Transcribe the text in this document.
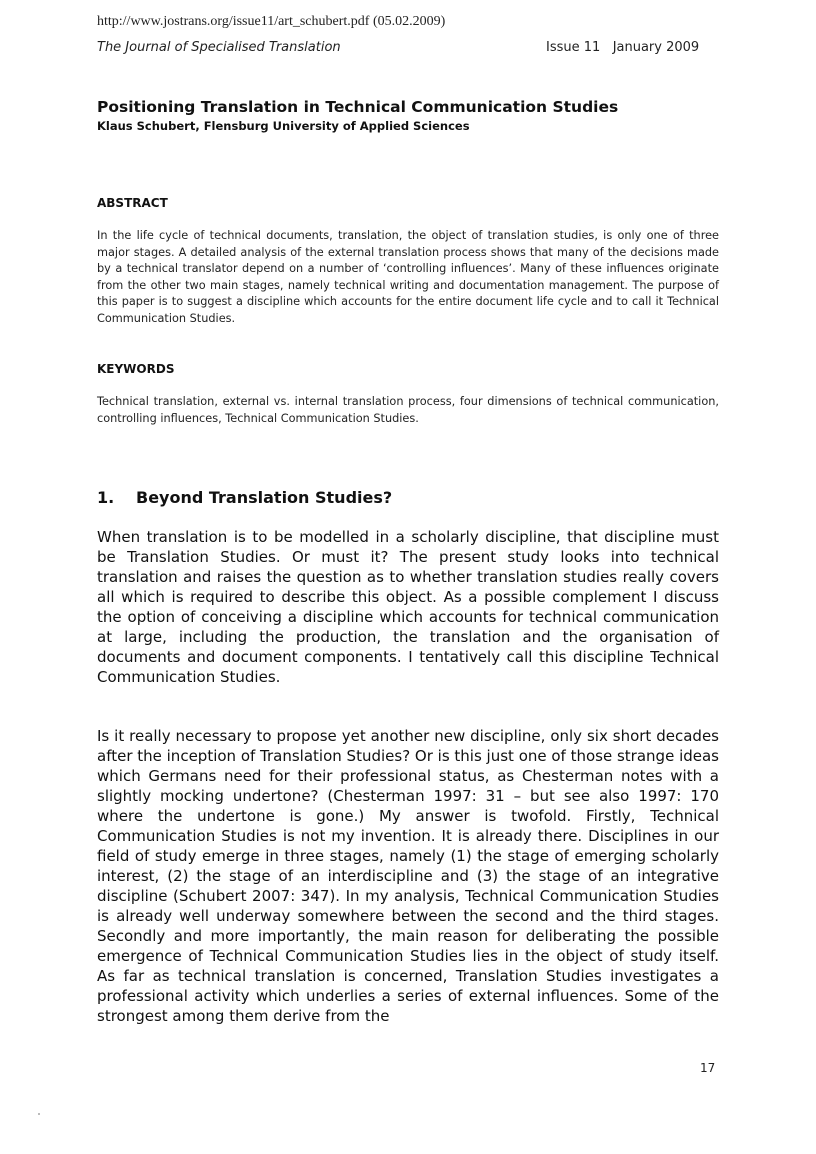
http://www.jostrans.org/issue11/art_schubert.pdf (05.02.2009)
The Journal of Specialised Translation	Issue 11   January 2009
Positioning Translation in Technical Communication Studies
Klaus Schubert, Flensburg University of Applied Sciences
ABSTRACT
In the life cycle of technical documents, translation, the object of translation studies, is only one of three major stages. A detailed analysis of the external translation process shows that many of the decisions made by a technical translator depend on a number of ‘controlling influences’. Many of these influences originate from the other two main stages, namely technical writing and documentation management. The purpose of this paper is to suggest a discipline which accounts for the entire document life cycle and to call it Technical Communication Studies.
KEYWORDS
Technical translation, external vs. internal translation process, four dimensions of technical communication, controlling influences, Technical Communication Studies.
1. Beyond Translation Studies?
When translation is to be modelled in a scholarly discipline, that discipline must be Translation Studies. Or must it? The present study looks into technical translation and raises the question as to whether translation studies really covers all which is required to describe this object. As a possible complement I discuss the option of conceiving a discipline which accounts for technical communication at large, including the production, the translation and the organisation of documents and document components. I tentatively call this discipline Technical Communication Studies.
Is it really necessary to propose yet another new discipline, only six short decades after the inception of Translation Studies? Or is this just one of those strange ideas which Germans need for their professional status, as Chesterman notes with a slightly mocking undertone? (Chesterman 1997: 31 – but see also 1997: 170 where the undertone is gone.) My answer is twofold. Firstly, Technical Communication Studies is not my invention. It is already there. Disciplines in our field of study emerge in three stages, namely (1) the stage of emerging scholarly interest, (2) the stage of an interdiscipline and (3) the stage of an integrative discipline (Schubert 2007: 347). In my analysis, Technical Communication Studies is already well underway somewhere between the second and the third stages. Secondly and more importantly, the main reason for deliberating the possible emergence of Technical Communication Studies lies in the object of study itself. As far as technical translation is concerned, Translation Studies investigates a professional activity which underlies a series of external influences. Some of the strongest among them derive from the
17
